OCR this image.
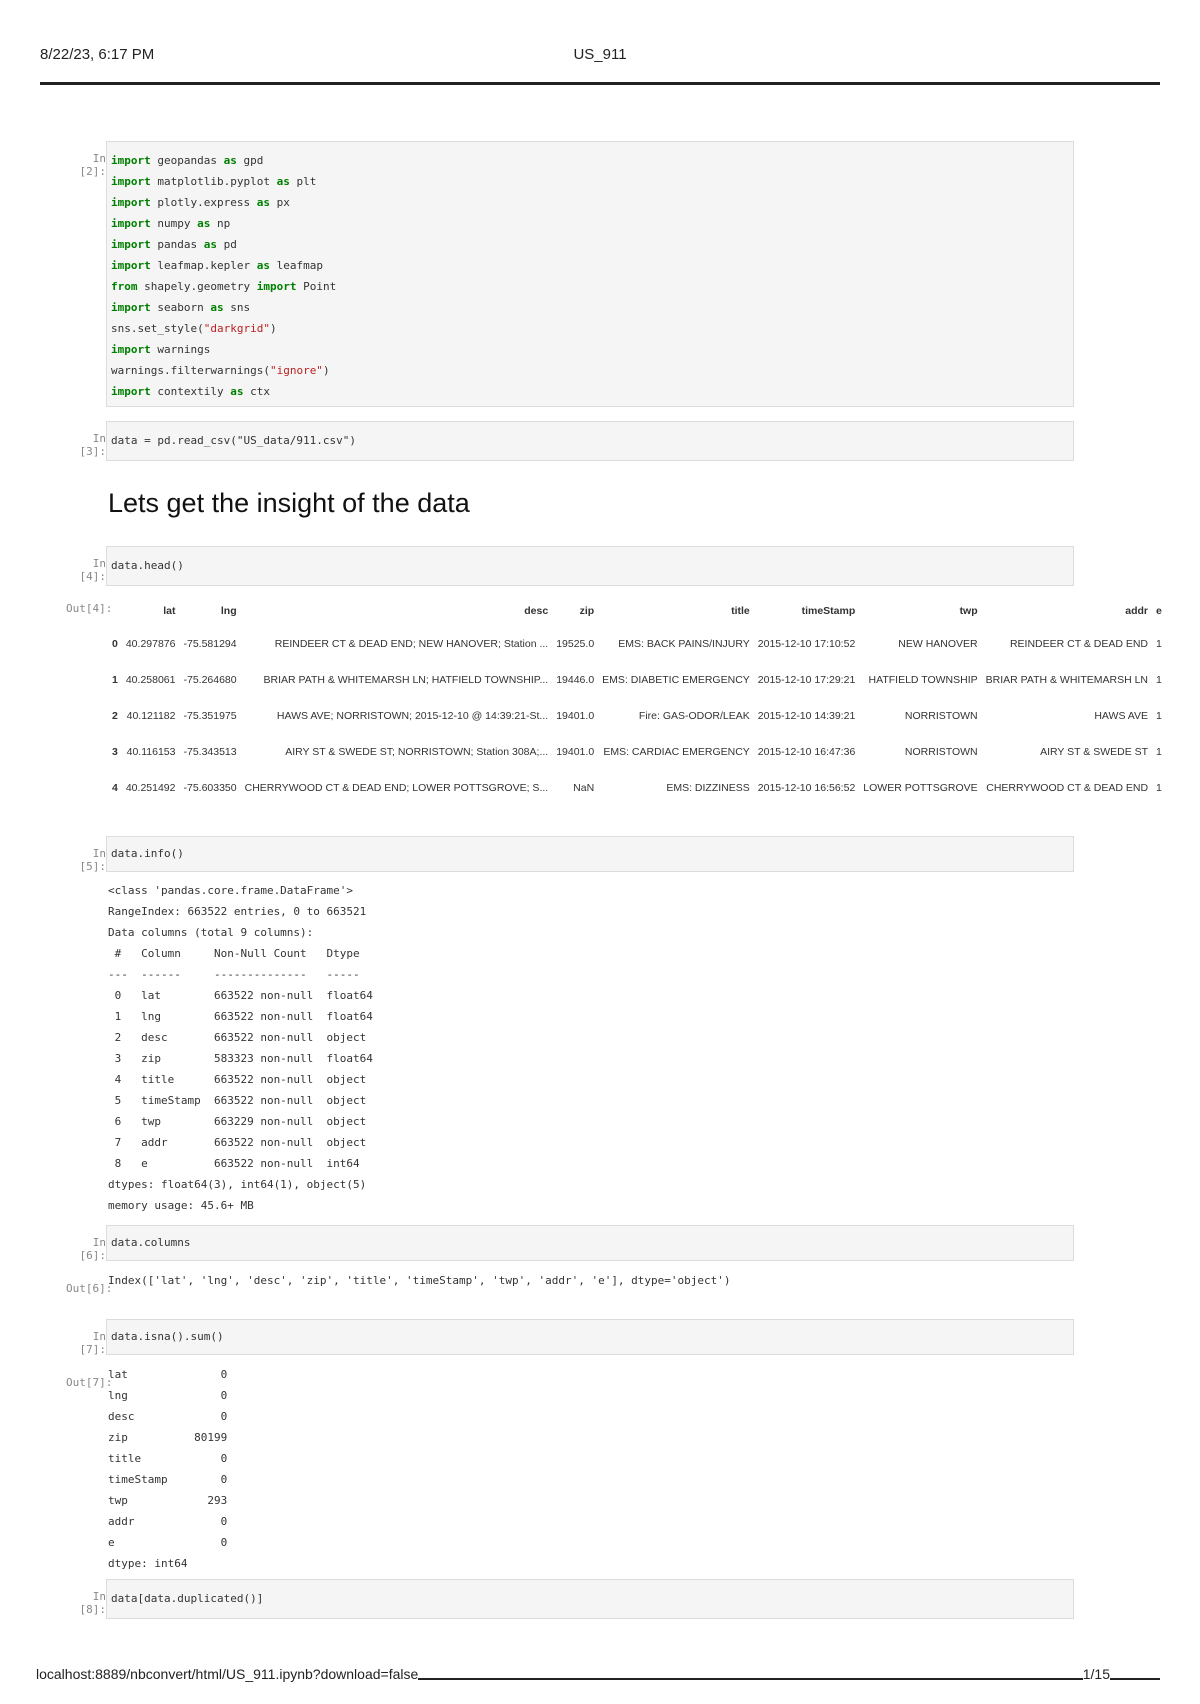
8/22/23, 6:17 PM	US_911
In [2]:
import geopandas as gpd
import matplotlib.pyplot as plt
import plotly.express as px
import numpy as np
import pandas as pd
import leafmap.kepler as leafmap
from shapely.geometry import Point
import seaborn as sns
sns.set_style("darkgrid")
import warnings
warnings.filterwarnings("ignore")
import contextily as ctx
In [3]:
data = pd.read_csv("US_data/911.csv")
Lets get the insight of the data
In [4]:
data.head()
Out[4]:
		lat	lng	desc	zip	title	timeStamp	twp	addr	e
0	40.297876	-75.581294	REINDEER CT & DEAD END; NEW HANOVER; Station ...	19525.0	EMS: BACK PAINS/INJURY	2015-12-10 17:10:52	NEW HANOVER	REINDEER CT & DEAD END	1
1	40.258061	-75.264680	BRIAR PATH & WHITEMARSH LN; HATFIELD TOWNSHIP...	19446.0	EMS: DIABETIC EMERGENCY	2015-12-10 17:29:21	HATFIELD TOWNSHIP	BRIAR PATH & WHITEMARSH LN	1
2	40.121182	-75.351975	HAWS AVE; NORRISTOWN; 2015-12-10 @ 14:39:21-St...	19401.0	Fire: GAS-ODOR/LEAK	2015-12-10 14:39:21	NORRISTOWN	HAWS AVE	1
3	40.116153	-75.343513	AIRY ST & SWEDE ST; NORRISTOWN; Station 308A;...	19401.0	EMS: CARDIAC EMERGENCY	2015-12-10 16:47:36	NORRISTOWN	AIRY ST & SWEDE ST	1
4	40.251492	-75.603350	CHERRYWOOD CT & DEAD END; LOWER POTTSGROVE; S...	NaN	EMS: DIZZINESS	2015-12-10 16:56:52	LOWER POTTSGROVE	CHERRYWOOD CT & DEAD END	1
In [5]:
data.info()
<class 'pandas.core.frame.DataFrame'>
RangeIndex: 663522 entries, 0 to 663521
Data columns (total 9 columns):
#   Column     Non-Null Count   Dtype
---  ------     --------------   -----
0   lat        663522 non-null  float64
1   lng        663522 non-null  float64
2   desc       663522 non-null  object
3   zip        583323 non-null  float64
4   title      663522 non-null  object
5   timeStamp  663522 non-null  object
6   twp        663229 non-null  object
7   addr       663522 non-null  object
8   e          663522 non-null  int64
dtypes: float64(3), int64(1), object(5)
memory usage: 45.6+ MB
In [6]:
data.columns
Out[6]:
Index(['lat', 'lng', 'desc', 'zip', 'title', 'timeStamp', 'twp', 'addr', 'e'], dtype='object')
In [7]:
data.isna().sum()
Out[7]:
lat              0
lng              0
desc             0
zip          80199
title            0
timeStamp        0
twp            293
addr             0
e                0
dtype: int64
In [8]:
data[data.duplicated()]
localhost:8889/nbconvert/html/US_911.ipynb?download=false	1/15
